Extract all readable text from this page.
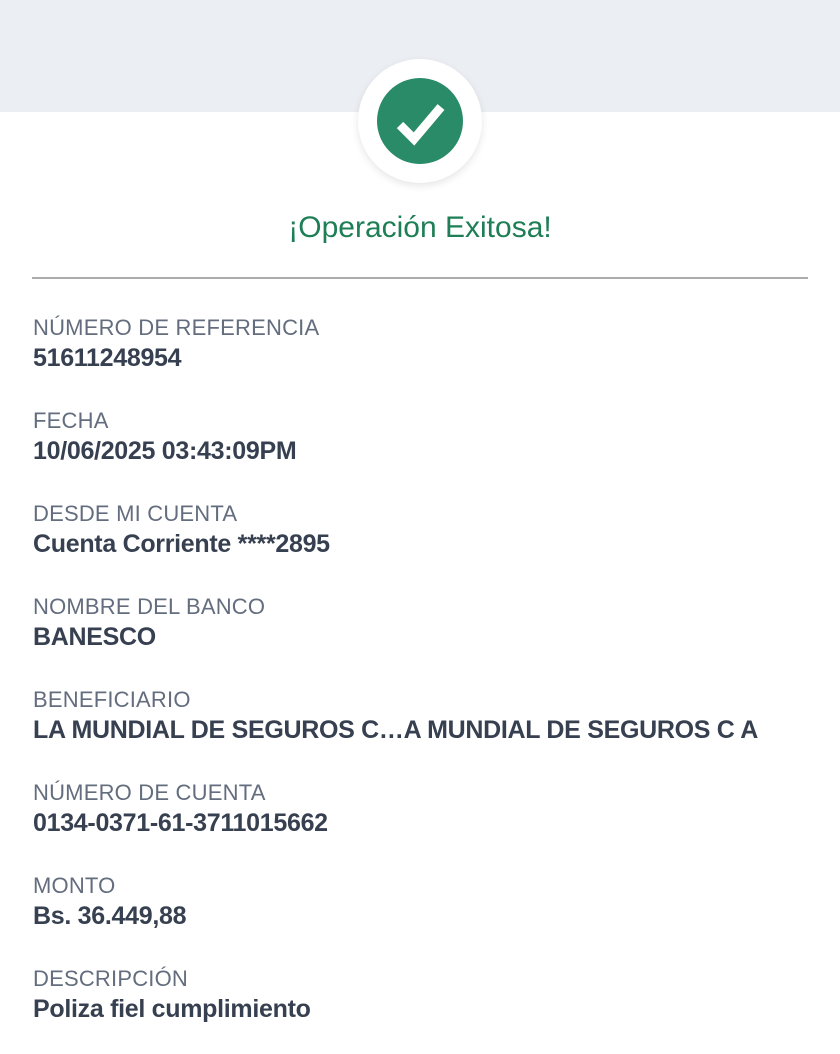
¡Operación Exitosa!
NÚMERO DE REFERENCIA
51611248954
FECHA
10/06/2025 03:43:09PM
DESDE MI CUENTA
Cuenta Corriente ****2895
NOMBRE DEL BANCO
BANESCO
BENEFICIARIO
LA MUNDIAL DE SEGUROS C…A MUNDIAL DE SEGUROS C A
NÚMERO DE CUENTA
0134-0371-61-3711015662
MONTO
Bs. 36.449,88
DESCRIPCIÓN
Poliza fiel cumplimiento
